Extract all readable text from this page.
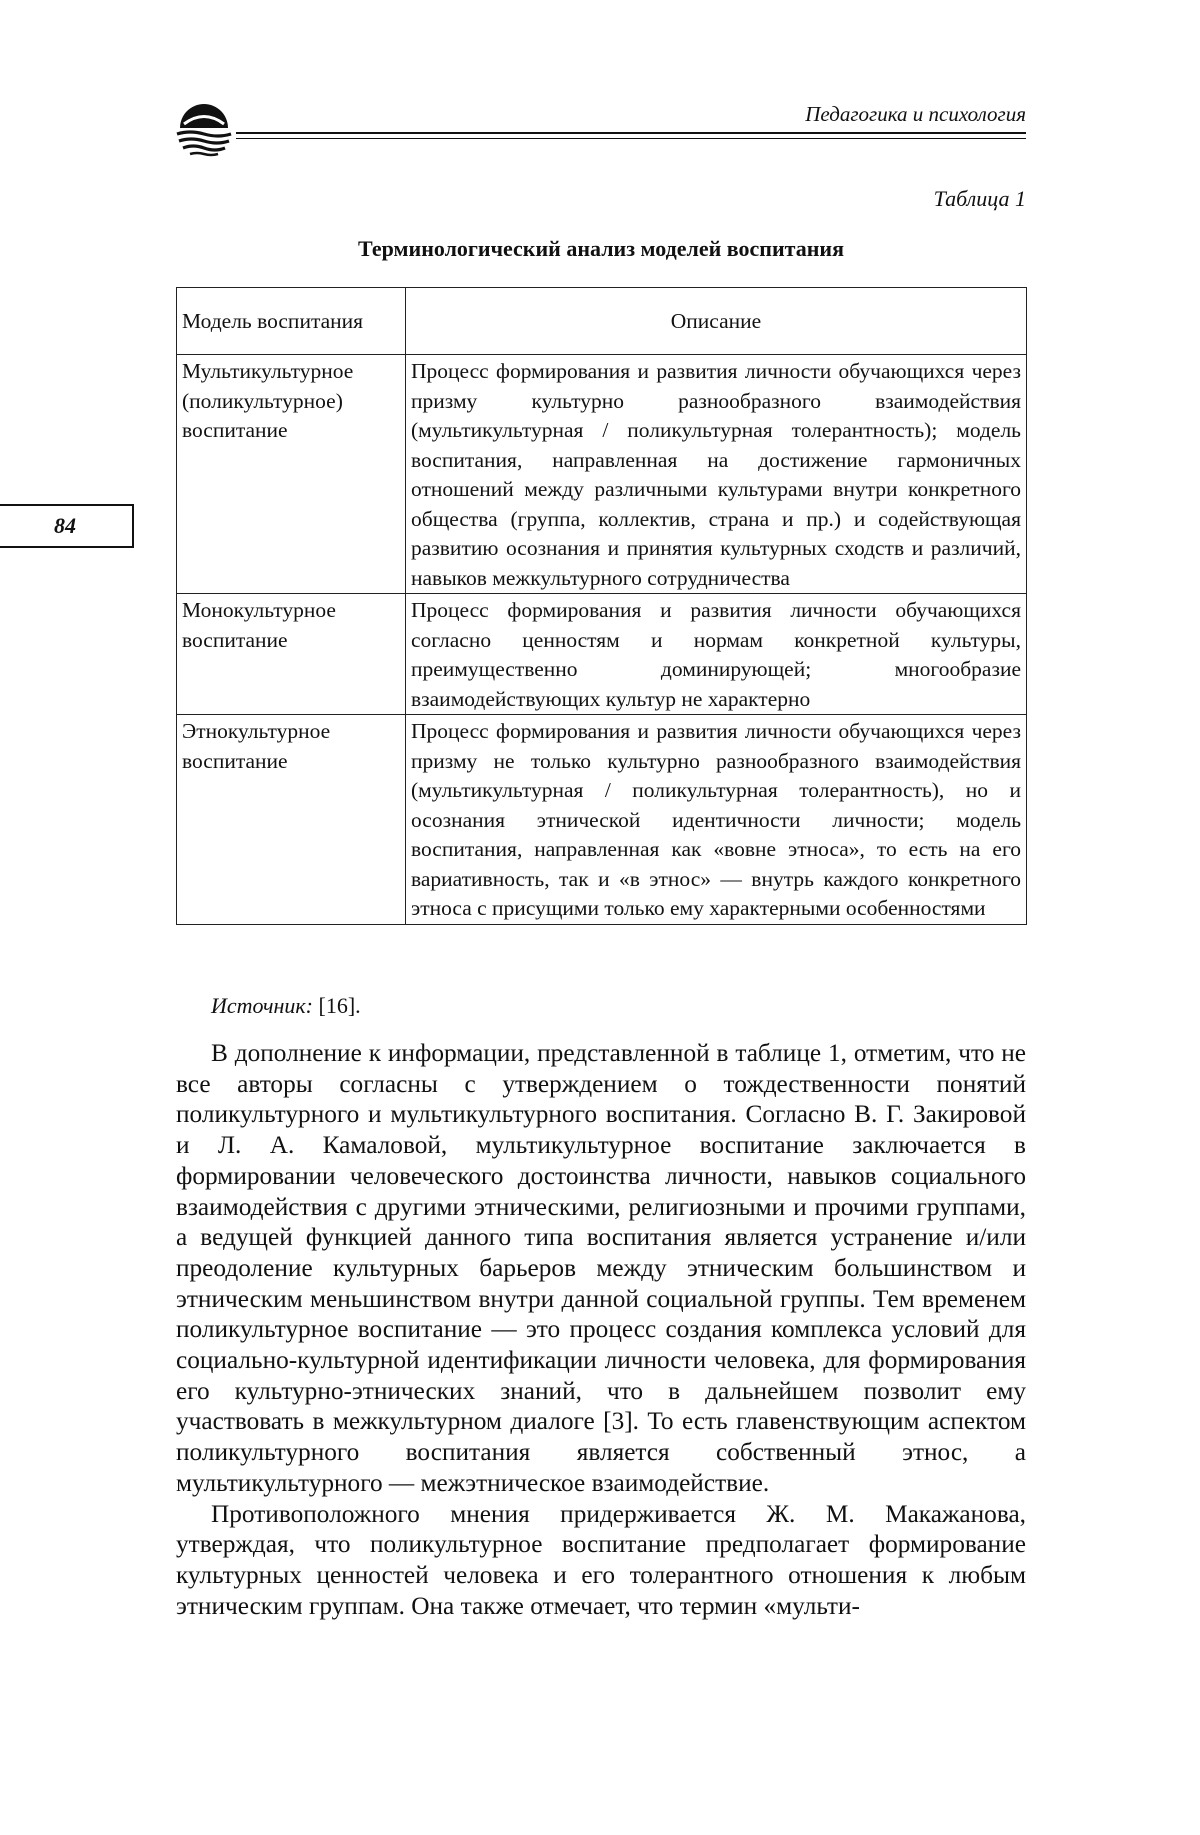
Педагогика и психология
84
Таблица 1
Терминологический анализ моделей воспитания
Модель воспитания	Описание
Мультикультурное (поликультурное) воспитание	Процесс формирования и развития личности обучающихся через призму культурно разнообразного взаимодействия (мультикультурная / поликультурная толерантность); модель воспитания, направленная на достижение гармоничных отношений между различными культурами внутри конкретного общества (группа, коллектив, страна и пр.) и содействующая развитию осознания и принятия культурных сходств и различий, навыков межкультурного сотрудничества
Монокультурное воспитание	Процесс формирования и развития личности обучающихся согласно ценностям и нормам конкретной культуры, преимущественно доминирующей; многообразие взаимодействующих культур не характерно
Этнокультурное воспитание	Процесс формирования и развития личности обучающихся через призму не только культурно разнообразного взаимодействия (мультикультурная / поликультурная толерантность), но и осознания этнической идентичности личности; модель воспитания, направленная как «вовне этноса», то есть на его вариативность, так и «в этнос» — внутрь каждого конкретного этноса с присущими только ему характерными особенностями
Источник: [16].

В дополнение к информации, представленной в таблице 1, отметим, что не все авторы согласны с утверждением о тождественности понятий поликультурного и мультикультурного воспитания. Согласно В. Г. Закировой и Л. А. Камаловой, мультикультурное воспитание заключается в формировании человеческого достоинства личности, навыков социального взаимодействия с другими этническими, религиозными и прочими группами, а ведущей функцией данного типа воспитания является устранение и/или преодоление культурных барьеров между этническим большинством и этническим меньшинством внутри данной социальной группы. Тем временем поликультурное воспитание — это процесс создания комплекса условий для социально-культурной идентификации личности человека, для формирования его культурно-этнических знаний, что в дальнейшем позволит ему участвовать в межкультурном диалоге [3]. То есть главенствующим аспектом поликультурного воспитания является собственный этнос, а мультикультурного — межэтническое взаимодействие.

Противоположного мнения придерживается Ж. М. Макажанова, утверждая, что поликультурное воспитание предполагает формирование культурных ценностей человека и его толерантного отношения к любым этническим группам. Она также отмечает, что термин «мульти-
